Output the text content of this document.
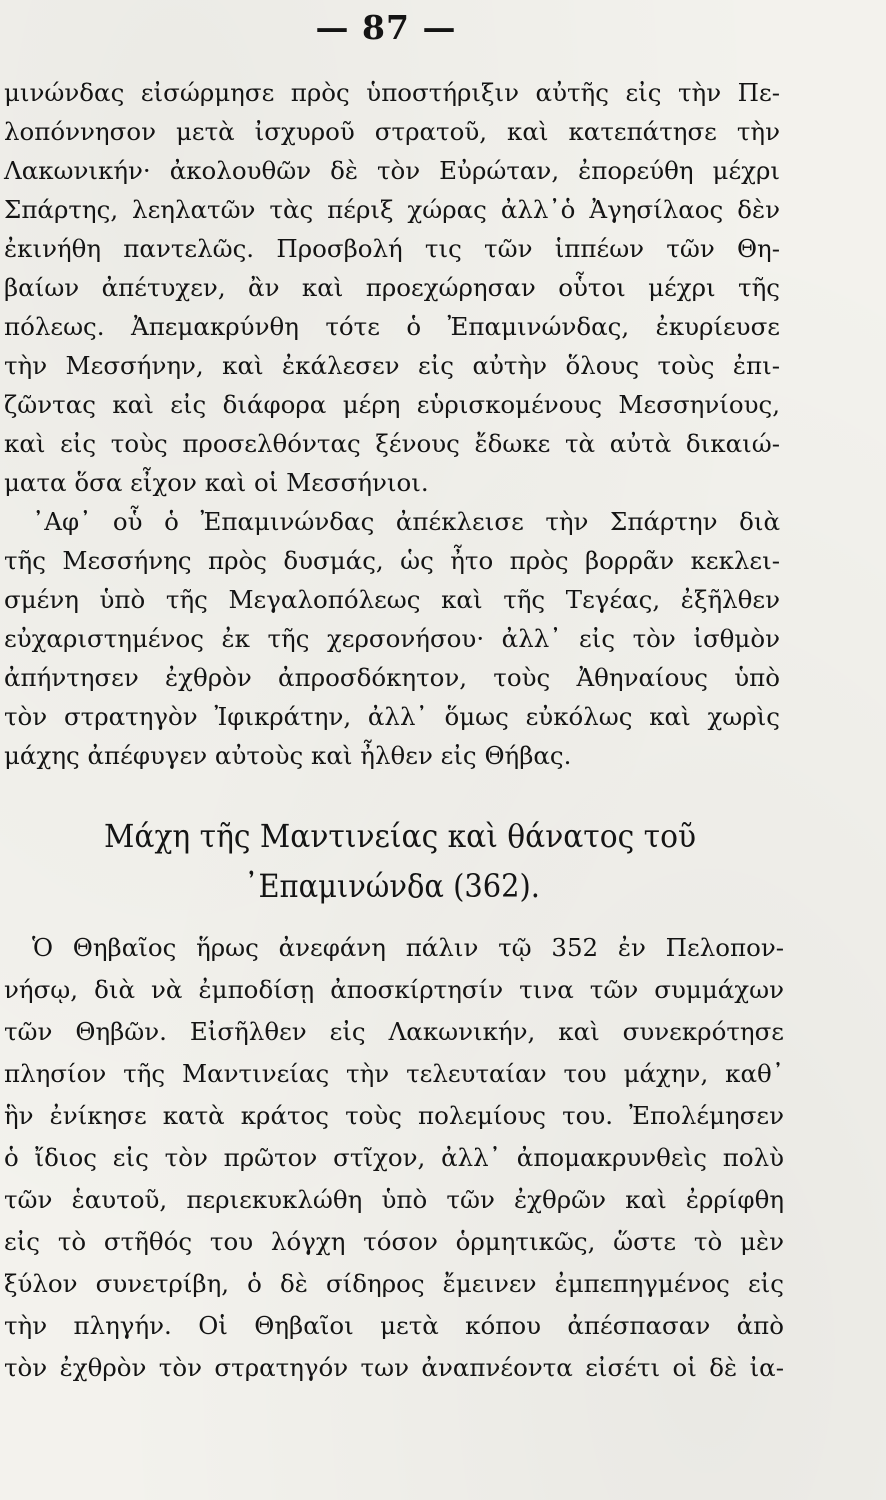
— 87 —
μινώνδας εἰσώρμησε πρὸς ὑποστήριξιν αὐτῆς εἰς τὴν Πε-
λοπόννησον μετὰ ἰσχυροῦ στρατοῦ, καὶ κατεπάτησε τὴν
Λακωνικήν· ἀκολουθῶν δὲ τὸν Εὐρώταν, ἐπορεύθη μέχρι
Σπάρτης, λεηλατῶν τὰς πέριξ χώρας ἀλλ᾽ὁ Ἀγησίλαος δὲν
ἐκινήθη παντελῶς. Προσβολή τις τῶν ἱππέων τῶν Θη-
βαίων ἀπέτυχεν, ἂν καὶ προεχώρησαν οὗτοι μέχρι τῆς
πόλεως. Ἀπεμακρύνθη τότε ὁ Ἐπαμινώνδας, ἐκυρίευσε
τὴν Μεσσήνην, καὶ ἐκάλεσεν εἰς αὐτὴν ὅλους τοὺς ἐπι-
ζῶντας καὶ εἰς διάφορα μέρη εὑρισκομένους Μεσσηνίους,
καὶ εἰς τοὺς προσελθόντας ξένους ἔδωκε τὰ αὐτὰ δικαιώ-
ματα ὅσα εἶχον καὶ οἱ Μεσσήνιοι.
᾽Αφ᾽ οὗ ὁ Ἐπαμινώνδας ἀπέκλεισε τὴν Σπάρτην διὰ
τῆς Μεσσήνης πρὸς δυσμάς, ὡς ἦτο πρὸς βορρᾶν κεκλει-
σμένη ὑπὸ τῆς Μεγαλοπόλεως καὶ τῆς Τεγέας, ἐξῆλθεν
εὐχαριστημένος ἐκ τῆς χερσονήσου· ἀλλ᾽ εἰς τὸν ἰσθμὸν
ἀπήντησεν ἐχθρὸν ἀπροσδόκητον, τοὺς Ἀθηναίους ὑπὸ
τὸν στρατηγὸν Ἰφικράτην, ἀλλ᾽ ὅμως εὐκόλως καὶ χωρὶς
μάχης ἀπέφυγεν αὐτοὺς καὶ ἦλθεν εἰς Θήβας.
Μάχη τῆς Μαντινείας καὶ θάνατος τοῦ
᾽Επαμινώνδα (362).
Ὁ Θηβαῖος ἥρως ἀνεφάνη πάλιν τῷ 352 ἐν Πελοπον-
νήσῳ, διὰ νὰ ἐμποδίσῃ ἀποσκίρτησίν τινα τῶν συμμάχων
τῶν Θηβῶν. Εἰσῆλθεν εἰς Λακωνικήν, καὶ συνεκρότησε
πλησίον τῆς Μαντινείας τὴν τελευταίαν του μάχην, καθ᾽
ἣν ἐνίκησε κατὰ κράτος τοὺς πολεμίους του. Ἐπολέμησεν
ὁ ἴδιος εἰς τὸν πρῶτον στῖχον, ἀλλ᾽ ἀπομακρυνθεὶς πολὺ
τῶν ἑαυτοῦ, περιεκυκλώθη ὑπὸ τῶν ἐχθρῶν καὶ ἐρρίφθη
εἰς τὸ στῆθός του λόγχη τόσον ὁρμητικῶς, ὥστε τὸ μὲν
ξύλον συνετρίβη, ὁ δὲ σίδηρος ἔμεινεν ἐμπεπηγμένος εἰς
τὴν πληγήν. Οἱ Θηβαῖοι μετὰ κόπου ἀπέσπασαν ἀπὸ
τὸν ἐχθρὸν τὸν στρατηγόν των ἀναπνέοντα εἰσέτι οἱ δὲ ἰα-
